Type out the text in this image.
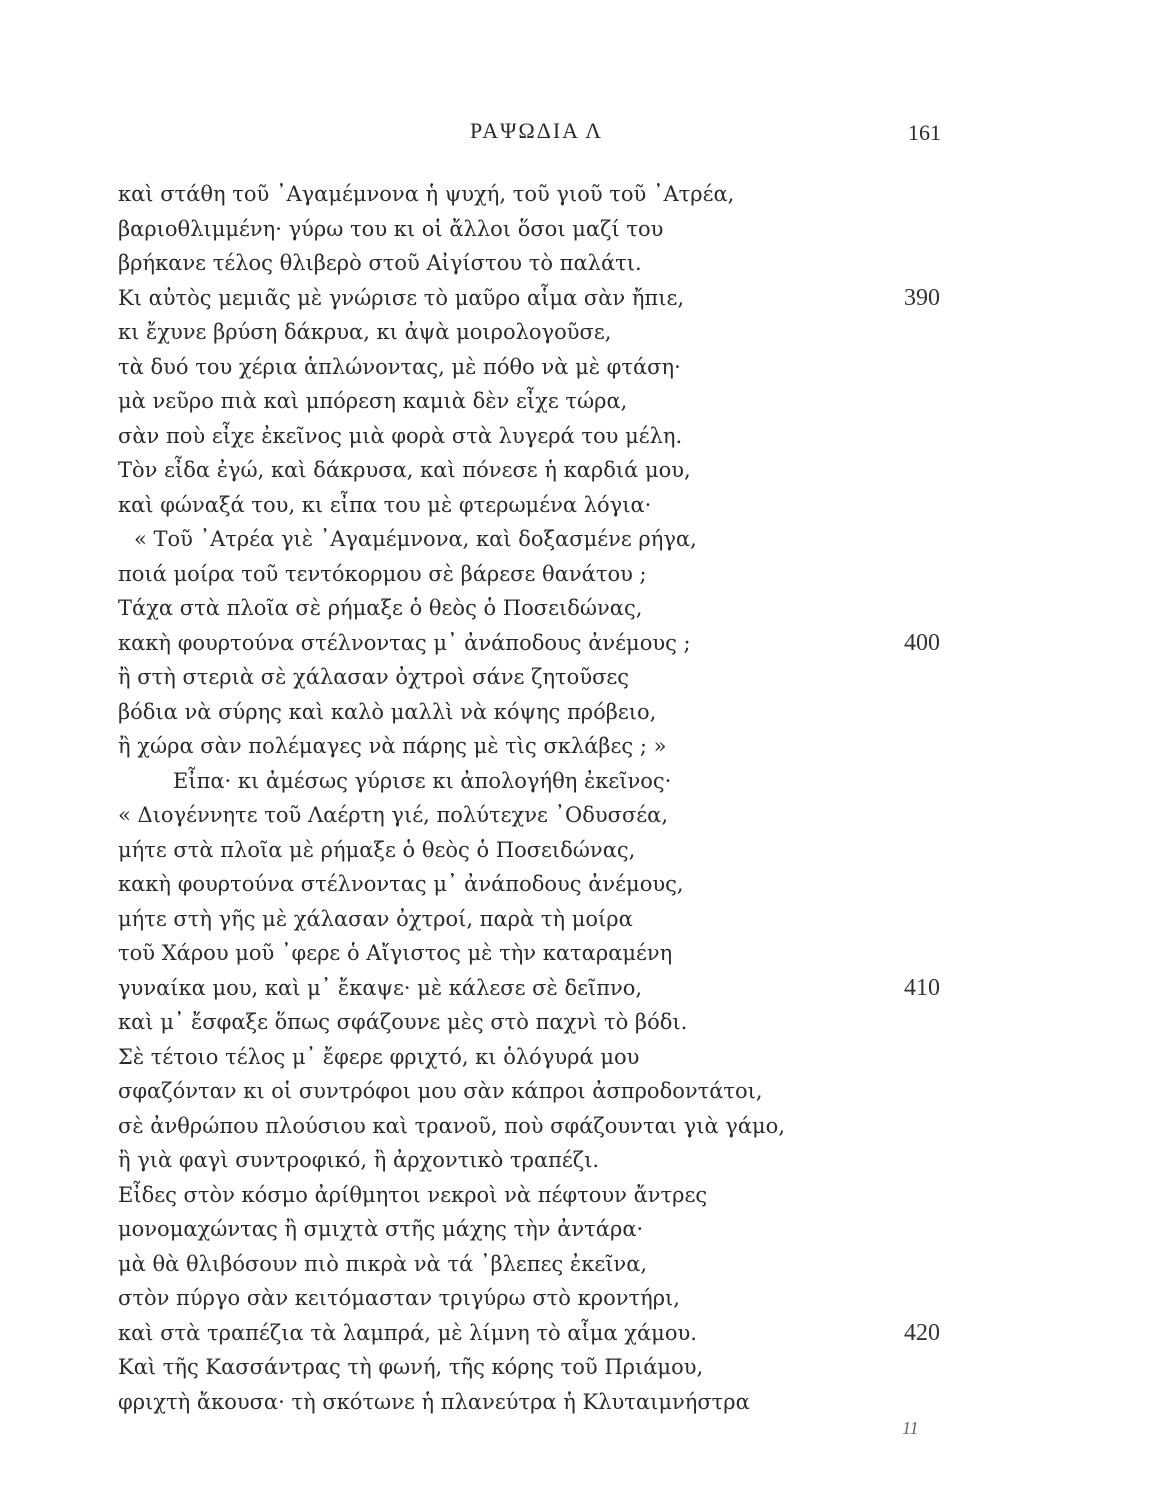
ΡΑΨΩΔΙΑ Λ	161
καὶ στάθη τοῦ ᾿Αγαμέμνονα ἡ ψυχή, τοῦ γιοῦ τοῦ ᾿Ατρέα,
βαριοθλιμμένη· γύρω του κι οἱ ἄλλοι ὅσοι μαζί του
βρήκανε τέλος θλιβερὸ στοῦ Αἰγίστου τὸ παλάτι.
Κι αὐτὸς μεμιᾶς μὲ γνώρισε τὸ μαῦρο αἷμα σὰν ἤπιε,	390
κι ἔχυνε βρύση δάκρυα, κι ἀψὰ μοιρολογοῦσε,
τὰ δυό του χέρια ἁπλώνοντας, μὲ πόθο νὰ μὲ φτάση·
μὰ νεῦρο πιὰ καὶ μπόρεση καμιὰ δὲν εἶχε τώρα,
σὰν ποὺ εἶχε ἐκεῖνος μιὰ φορὰ στὰ λυγερά του μέλη.
Τὸν εἶδα ἐγώ, καὶ δάκρυσα, καὶ πόνεσε ἡ καρδιά μου,
καὶ φώναξά του, κι εἶπα του μὲ φτερωμένα λόγια·
« Τοῦ ᾿Ατρέα γιὲ ᾿Αγαμέμνονα, καὶ δοξασμένε ρήγα,
ποιά μοίρα τοῦ τεντόκορμου σὲ βάρεσε θανάτου ;
Τάχα στὰ πλοῖα σὲ ρήμαξε ὁ θεὸς ὁ Ποσειδώνας,
κακὴ φουρτούνα στέλνοντας μ᾿ ἀνάποδους ἀνέμους ;	400
ἢ στὴ στεριὰ σὲ χάλασαν ὀχτροὶ σάνε ζητοῦσες
βόδια νὰ σύρης καὶ καλὸ μαλλὶ νὰ κόψης πρόβειο,
ἢ χώρα σὰν πολέμαγες νὰ πάρης μὲ τὶς σκλάβες ; »
Εἶπα· κι ἀμέσως γύρισε κι ἀπολογήθη ἐκεῖνος·
« Διογέννητε τοῦ Λαέρτη γιέ, πολύτεχνε ᾿Οδυσσέα,
μήτε στὰ πλοῖα μὲ ρήμαξε ὁ θεὸς ὁ Ποσειδώνας,
κακὴ φουρτούνα στέλνοντας μ᾿ ἀνάποδους ἀνέμους,
μήτε στὴ γῆς μὲ χάλασαν ὀχτροί, παρὰ τὴ μοίρα
τοῦ Χάρου μοῦ ᾿φερε ὁ Αἴγιστος μὲ τὴν καταραμένη
γυναίκα μου, καὶ μ᾿ ἔκαψε· μὲ κάλεσε σὲ δεῖπνο,	410
καὶ μ᾿ ἔσφαξε ὅπως σφάζουνε μὲς στὸ παχνὶ τὸ βόδι.
Σὲ τέτοιο τέλος μ᾿ ἔφερε φριχτό, κι ὁλόγυρά μου
σφαζόνταν κι οἱ συντρόφοι μου σὰν κάπροι ἀσπροδοντάτοι,
σὲ ἀνθρώπου πλούσιου καὶ τρανοῦ, ποὺ σφάζουνται γιὰ γάμο,
ἢ γιὰ φαγὶ συντροφικό, ἢ ἀρχοντικὸ τραπέζι.
Εἶδες στὸν κόσμο ἀρίθμητοι νεκροὶ νὰ πέφτουν ἄντρες
μονομαχώντας ἢ σμιχτὰ στῆς μάχης τὴν ἀντάρα·
μὰ θὰ θλιβόσουν πιὸ πικρὰ νὰ τά ᾿βλεπες ἐκεῖνα,
στὸν πύργο σὰν κειτόμασταν τριγύρω στὸ κροντήρι,
καὶ στὰ τραπέζια τὰ λαμπρά, μὲ λίμνη τὸ αἷμα χάμου.	420
Καὶ τῆς Κασσάντρας τὴ φωνή, τῆς κόρης τοῦ Πριάμου,
φριχτὴ ἄκουσα· τὴ σκότωνε ἡ πλανεύτρα ἡ Κλυταιμνήστρα
11
